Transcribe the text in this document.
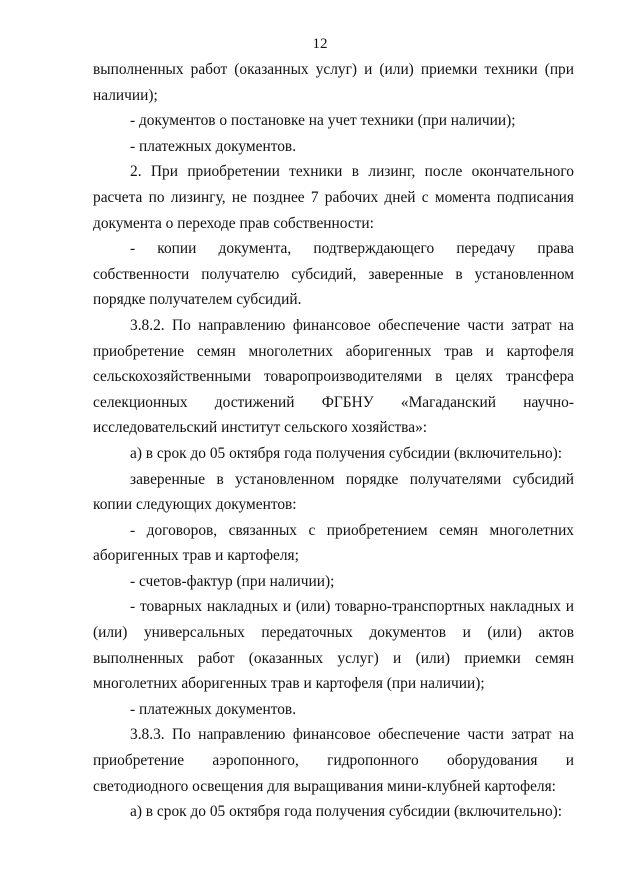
12

выполненных работ (оказанных услуг) и (или) приемки техники (при наличии);

- документов о постановке на учет техники (при наличии);

- платежных документов.

2. При приобретении техники в лизинг, после окончательного расчета по лизингу, не позднее 7 рабочих дней с момента подписания документа о переходе прав собственности:

- копии документа, подтверждающего передачу права собственности получателю субсидий, заверенные в установленном порядке получателем субсидий.

3.8.2. По направлению финансовое обеспечение части затрат на приобретение семян многолетних аборигенных трав и картофеля сельскохозяйственными товаропроизводителями в целях трансфера селекционных достижений ФГБНУ «Магаданский научно-исследовательский институт сельского хозяйства»:

а) в срок до 05 октября года получения субсидии (включительно):

заверенные в установленном порядке получателями субсидий копии следующих документов:

- договоров, связанных с приобретением семян многолетних аборигенных трав и картофеля;

- счетов-фактур (при наличии);

- товарных накладных и (или) товарно-транспортных накладных и (или) универсальных передаточных документов и (или) актов выполненных работ (оказанных услуг) и (или) приемки семян многолетних аборигенных трав и картофеля (при наличии);

- платежных документов.

3.8.3. По направлению финансовое обеспечение части затрат на приобретение аэропонного, гидропонного оборудования и светодиодного освещения для выращивания мини-клубней картофеля:

а) в срок до 05 октября года получения субсидии (включительно):
